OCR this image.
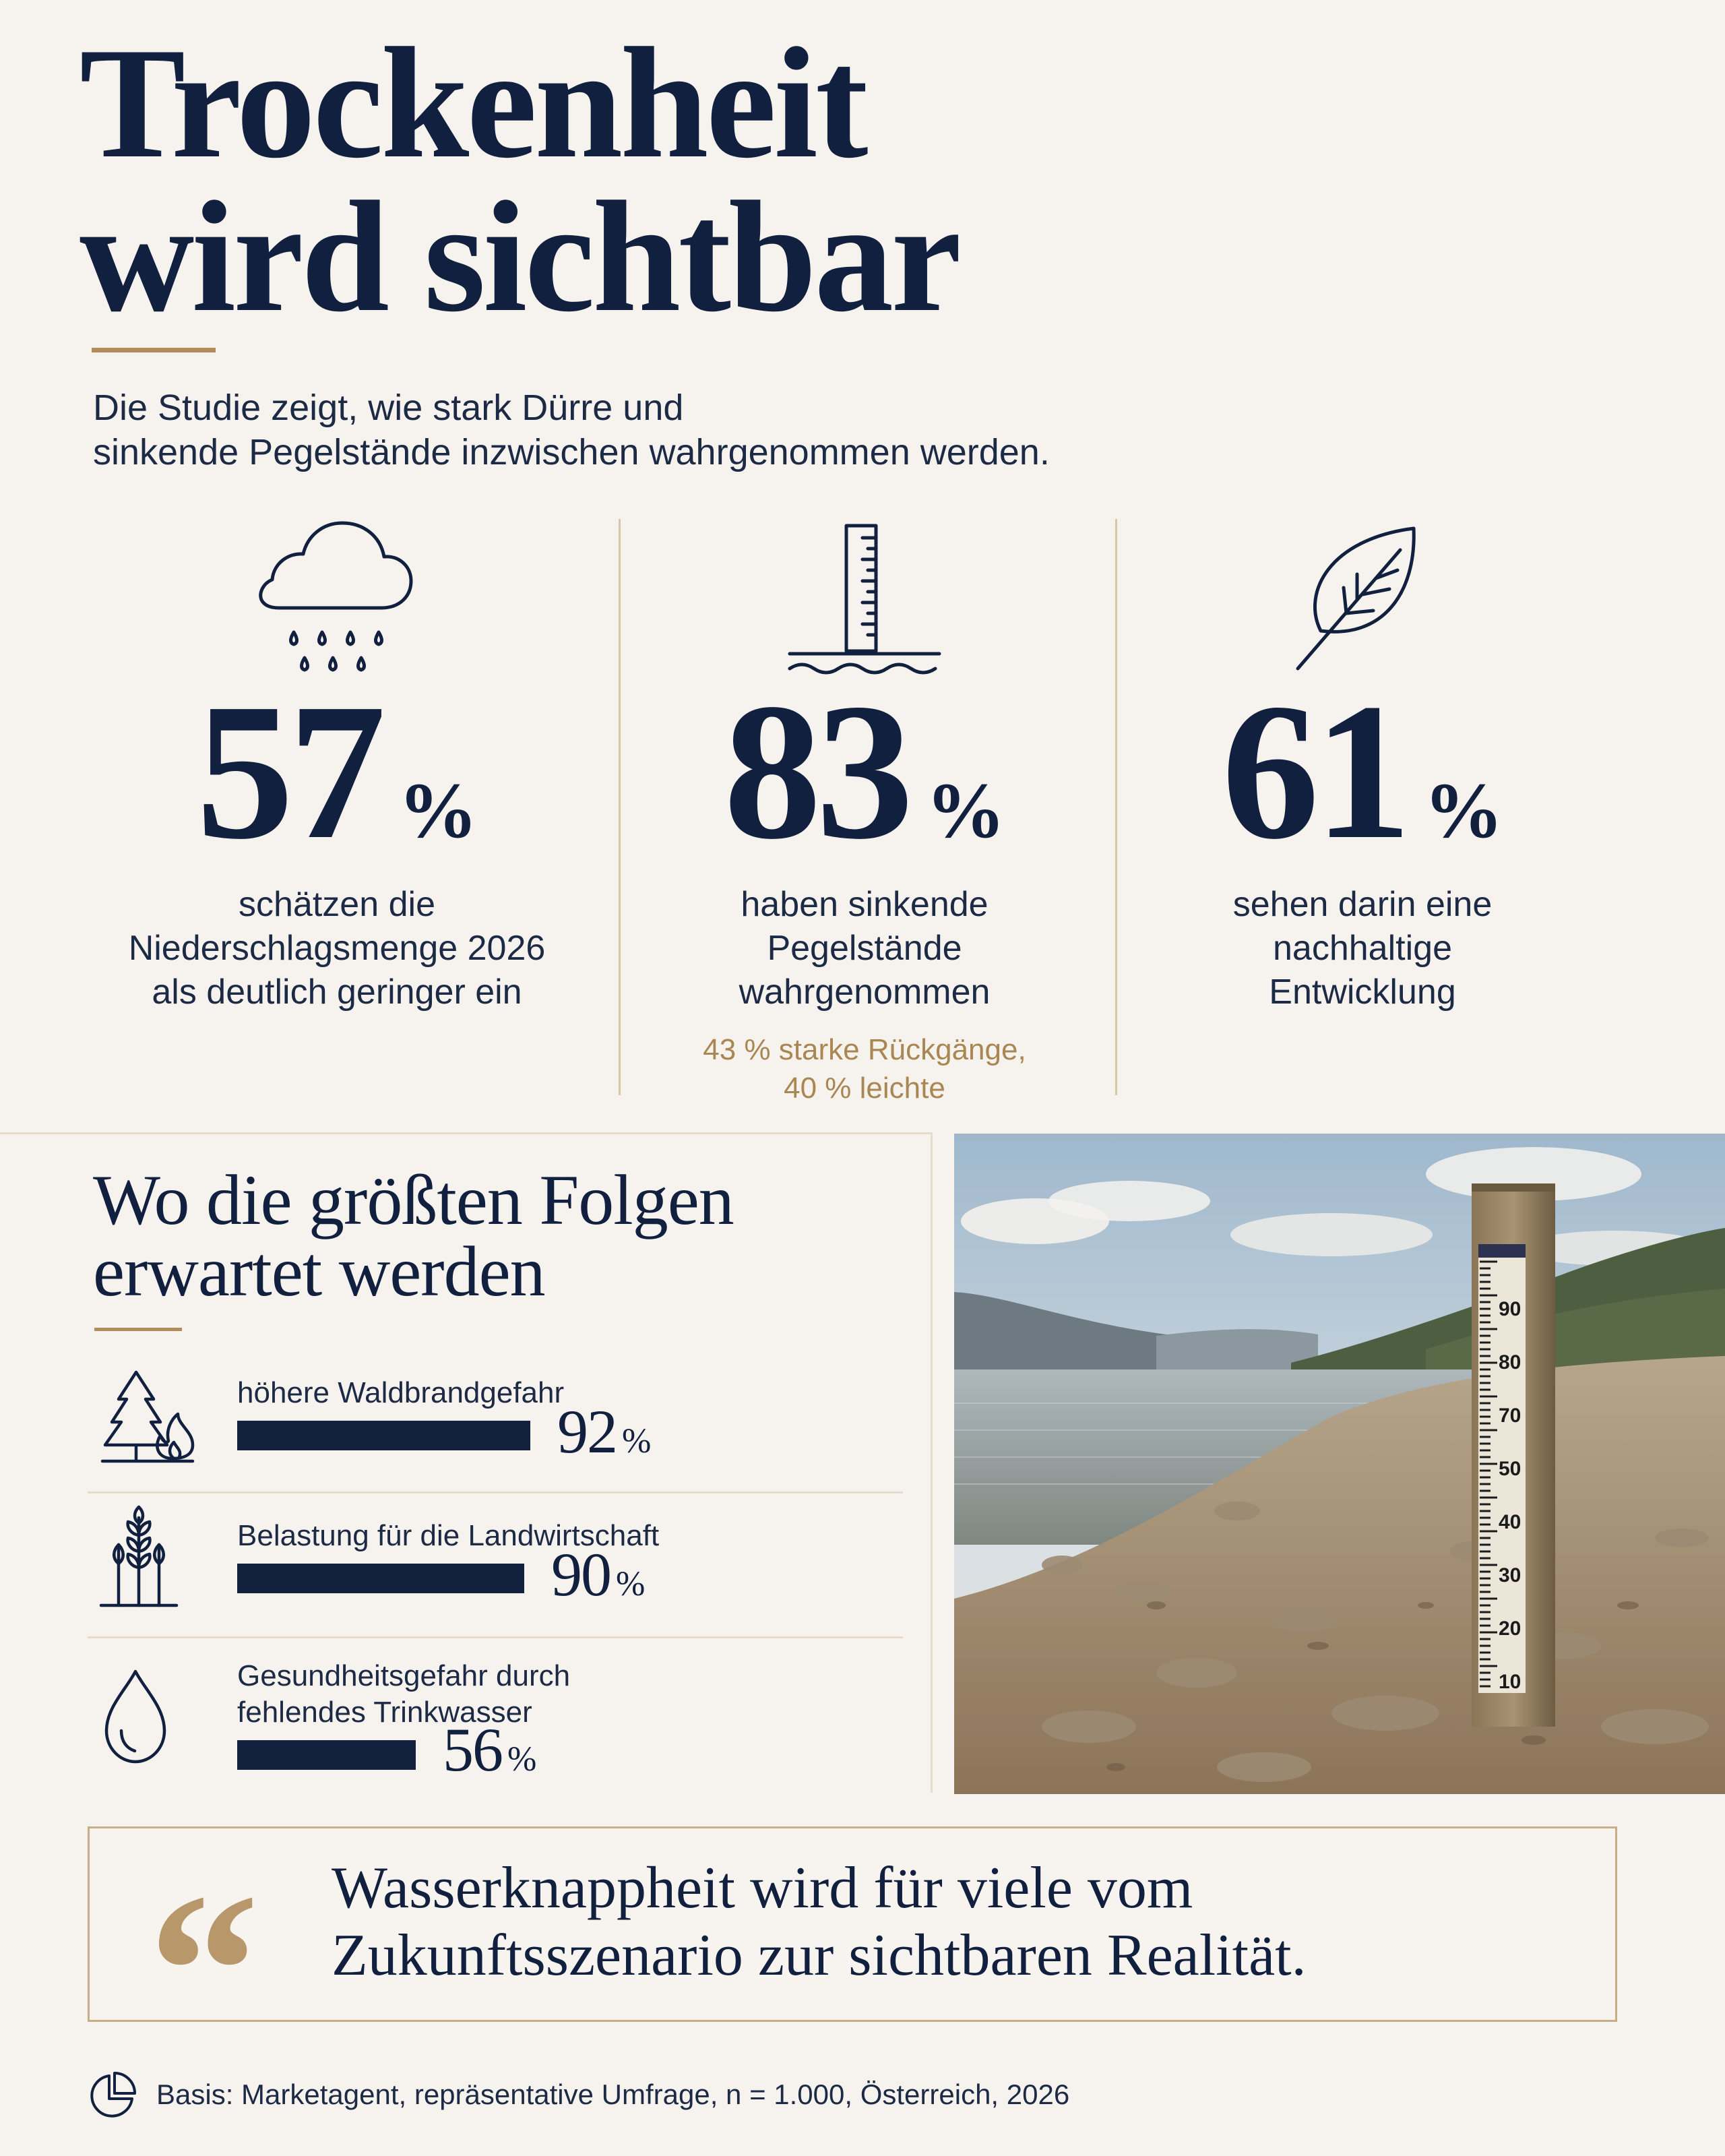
Trockenheit
wird sichtbar
Die Studie zeigt, wie stark Dürre und
sinkende Pegelstände inzwischen wahrgenommen werden.
57 %
schätzen die
Niederschlagsmenge 2026
als deutlich geringer ein
83 %
haben sinkende
Pegelstände
wahrgenommen
43 % starke Rückgänge,
40 % leichte
61 %
sehen darin eine
nachhaltige
Entwicklung
Wo die größten Folgen
erwartet werden
höhere Waldbrandgefahr
92 %
Belastung für die Landwirtschaft
90 %
Gesundheitsgefahr durch
fehlendes Trinkwasser
56 %
90
80
70
50
40
30
20
10
“ Wasserknappheit wird für viele vom
Zukunftsszenario zur sichtbaren Realität.
Basis: Marketagent, repräsentative Umfrage, n = 1.000, Österreich, 2026
